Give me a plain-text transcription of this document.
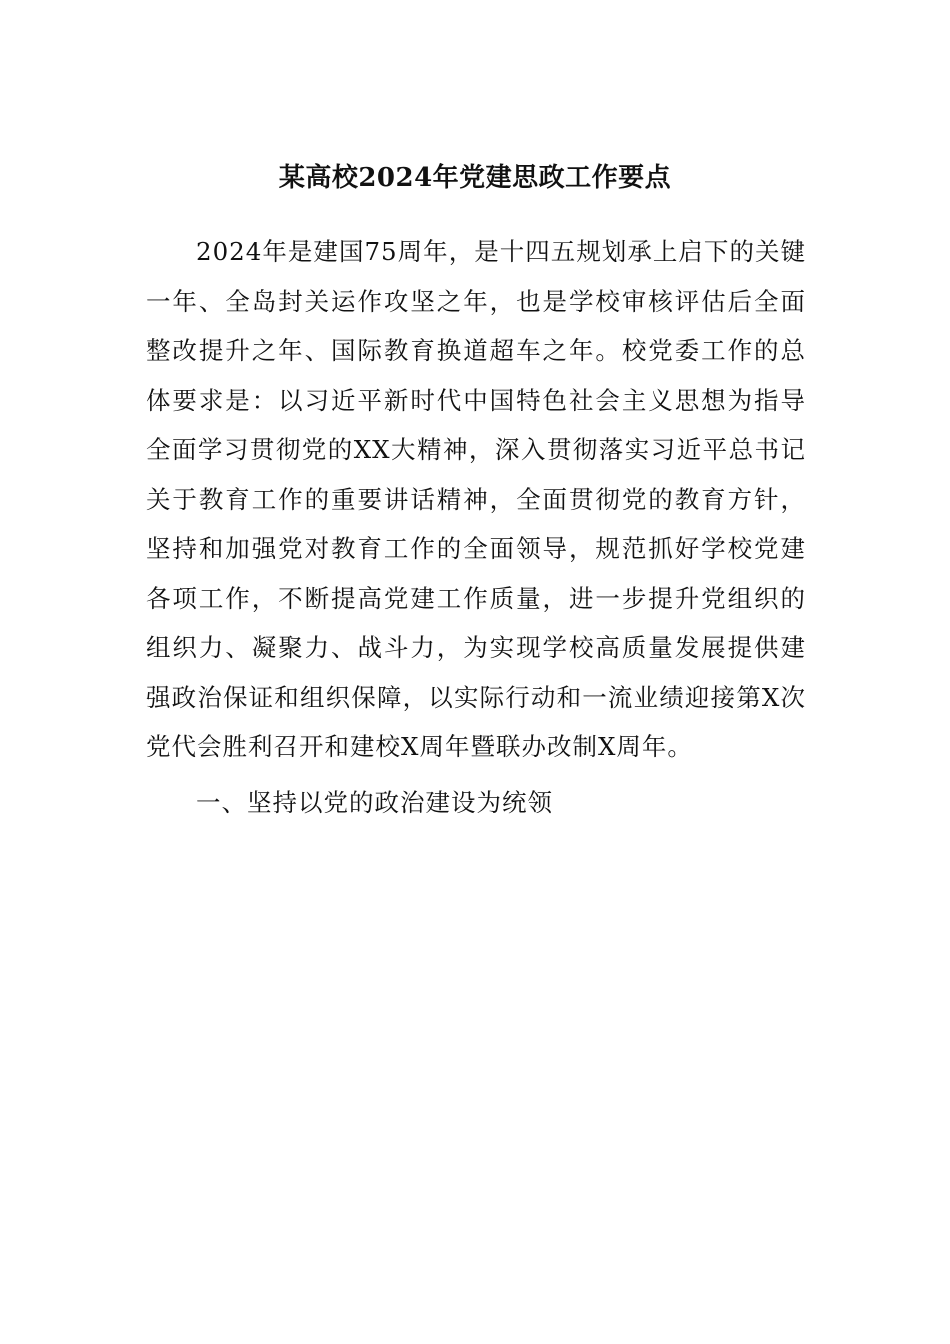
某高校2024年党建思政工作要点
2024年是建国75周年，是十四五规划承上启下的关键
一年、全岛封关运作攻坚之年，也是学校审核评估后全面
整改提升之年、国际教育换道超车之年。校党委工作的总
体要求是：以习近平新时代中国特色社会主义思想为指导
全面学习贯彻党的XX大精神，深入贯彻落实习近平总书记
关于教育工作的重要讲话精神，全面贯彻党的教育方针，
坚持和加强党对教育工作的全面领导，规范抓好学校党建
各项工作，不断提高党建工作质量，进一步提升党组织的
组织力、凝聚力、战斗力，为实现学校高质量发展提供建
强政治保证和组织保障，以实际行动和一流业绩迎接第X次
党代会胜利召开和建校X周年暨联办改制X周年。
一、坚持以党的政治建设为统领
